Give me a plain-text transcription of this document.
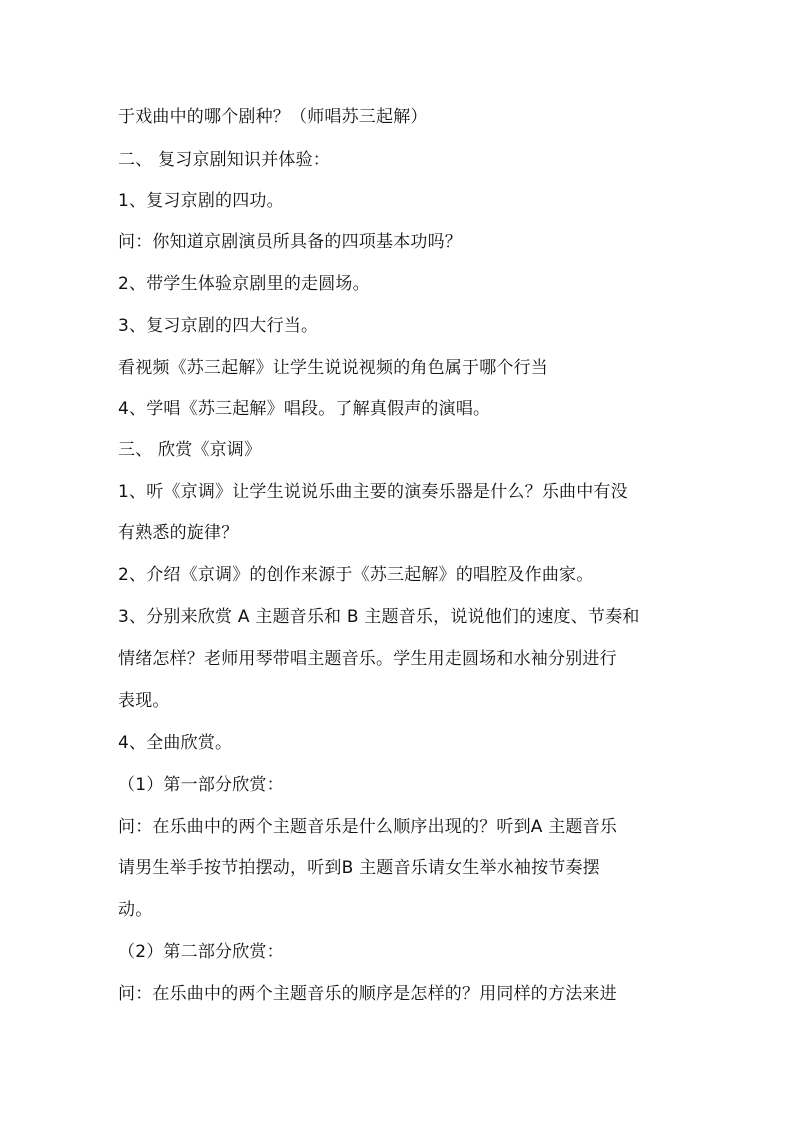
于戏曲中的哪个剧种？（师唱苏三起解）
二、 复习京剧知识并体验：
1、复习京剧的四功。
问：你知道京剧演员所具备的四项基本功吗？
2、带学生体验京剧里的走圆场。
3、复习京剧的四大行当。
看视频《苏三起解》让学生说说视频的角色属于哪个行当
4、学唱《苏三起解》唱段。了解真假声的演唱。
三、 欣赏《京调》
1、听《京调》让学生说说乐曲主要的演奏乐器是什么？乐曲中有没
有熟悉的旋律？
2、介绍《京调》的创作来源于《苏三起解》的唱腔及作曲家。
3、分别来欣赏 A 主题音乐和 B 主题音乐，说说他们的速度、节奏和
情绪怎样？老师用琴带唱主题音乐。学生用走圆场和水袖分别进行
表现。
4、全曲欣赏。
（1）第一部分欣赏：
问：在乐曲中的两个主题音乐是什么顺序出现的？听到A 主题音乐
请男生举手按节拍摆动，听到B 主题音乐请女生举水袖按节奏摆
动。
（2）第二部分欣赏：
问：在乐曲中的两个主题音乐的顺序是怎样的？用同样的方法来进
